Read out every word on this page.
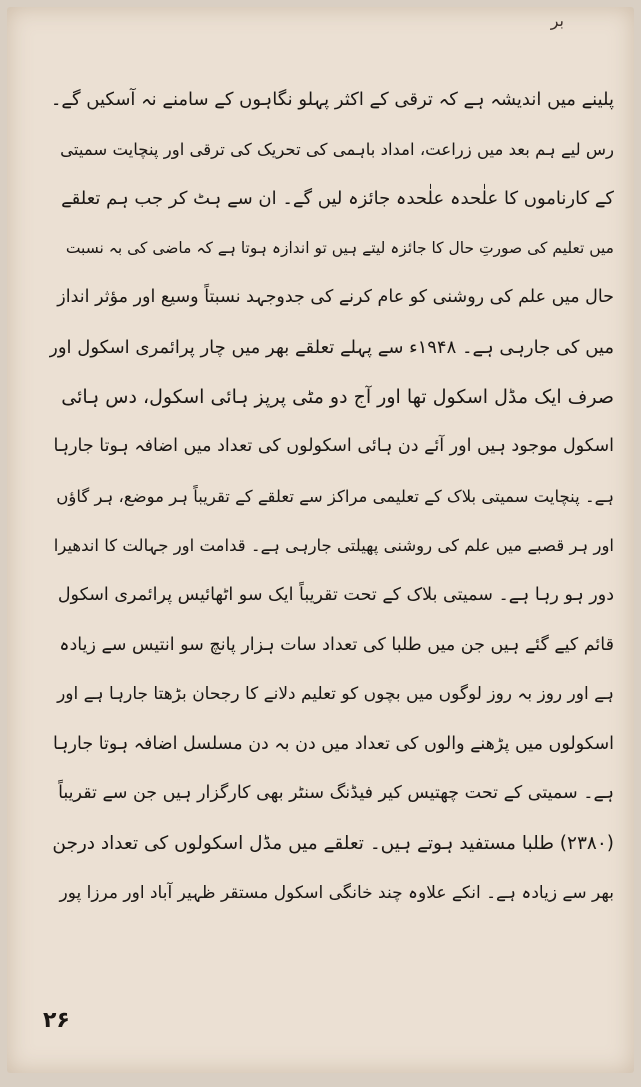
بر
پلینے میں اندیشہ ہے کہ ترقی کے اکثر پہلو نگاہوں کے سامنے نہ آسکیں گے۔
رس لیے ہم بعد میں زراعت، امداد باہمی کی تحریک کی ترقی اور پنچایت سمیتی
کے کارناموں کا علٰحدہ علٰحدہ جائزہ لیں گے۔ ان سے ہٹ کر جب ہم تعلقے
میں تعلیم کی صورتِ حال کا جائزہ لیتے ہیں تو اندازہ ہوتا ہے کہ ماضی کی بہ نسبت
حال میں علم کی روشنی کو عام کرنے کی جدوجہد نسبتاً وسیع اور مؤثر انداز
میں کی جارہی ہے۔ ۱۹۴۸ء سے پہلے تعلقے بھر میں چار پرائمری اسکول اور
صرف ایک مڈل اسکول تھا اور آج دو مٹی پرپز ہائی اسکول، دس ہائی
اسکول موجود ہیں اور آئے دن ہائی اسکولوں کی تعداد میں اضافہ ہوتا جارہا
ہے۔ پنچایت سمیتی بلاک کے تعلیمی مراکز سے تعلقے کے تقریباً ہر موضع، ہر گاؤں
اور ہر قصبے میں علم کی روشنی پھیلتی جارہی ہے۔ قدامت اور جہالت کا اندھیرا
دور ہو رہا ہے۔ سمیتی بلاک کے تحت تقریباً ایک سو اٹھائیس پرائمری اسکول
قائم کیے گئے ہیں جن میں طلبا کی تعداد سات ہزار پانچ سو انتیس سے زیادہ
ہے اور روز بہ روز لوگوں میں بچوں کو تعلیم دلانے کا رجحان بڑھتا جارہا ہے اور
اسکولوں میں پڑھنے والوں کی تعداد میں دن بہ دن مسلسل اضافہ ہوتا جارہا
ہے۔ سمیتی کے تحت چھتیس کیر فیڈنگ سنٹر بھی کارگزار ہیں جن سے تقریباً
(۲۳۸۰) طلبا مستفید ہوتے ہیں۔ تعلقے میں مڈل اسکولوں کی تعداد درجن
بھر سے زیادہ ہے۔ انکے علاوہ چند خانگی اسکول مستقر ظہیر آباد اور مرزا پور
۲۶
